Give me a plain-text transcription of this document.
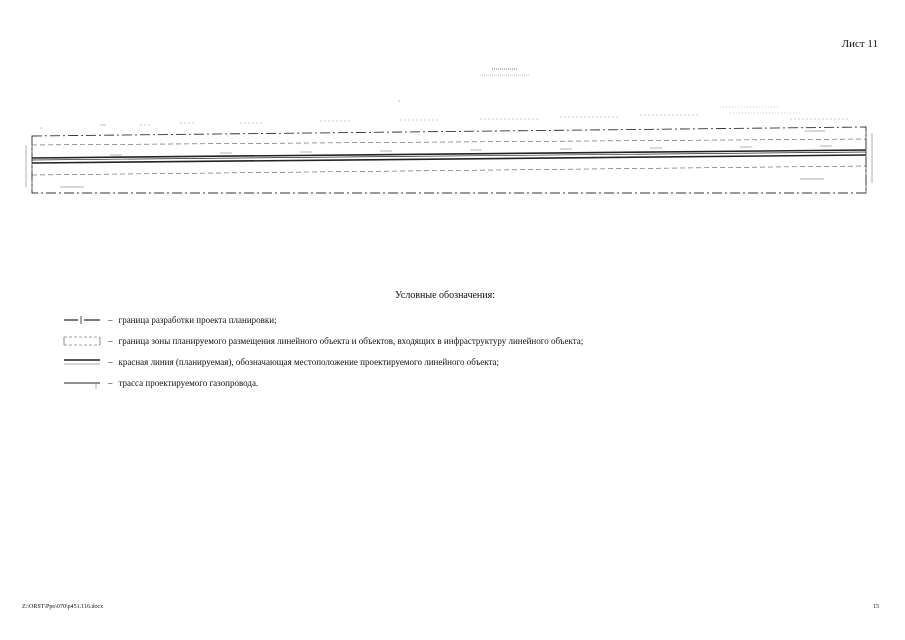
Лист 11
Условные обозначения:
– граница разработки проекта планировки;
– граница зоны планируемого размещения линейного объекта и объектов, входящих в инфраструктуру линейного объекта;
– красная линия (планируемая), обозначающая местоположение проектируемого линейного объекта;
– трасса проектируемого газопровода.
Z:\ORST\Ppo\070\p451.116.docx	15
